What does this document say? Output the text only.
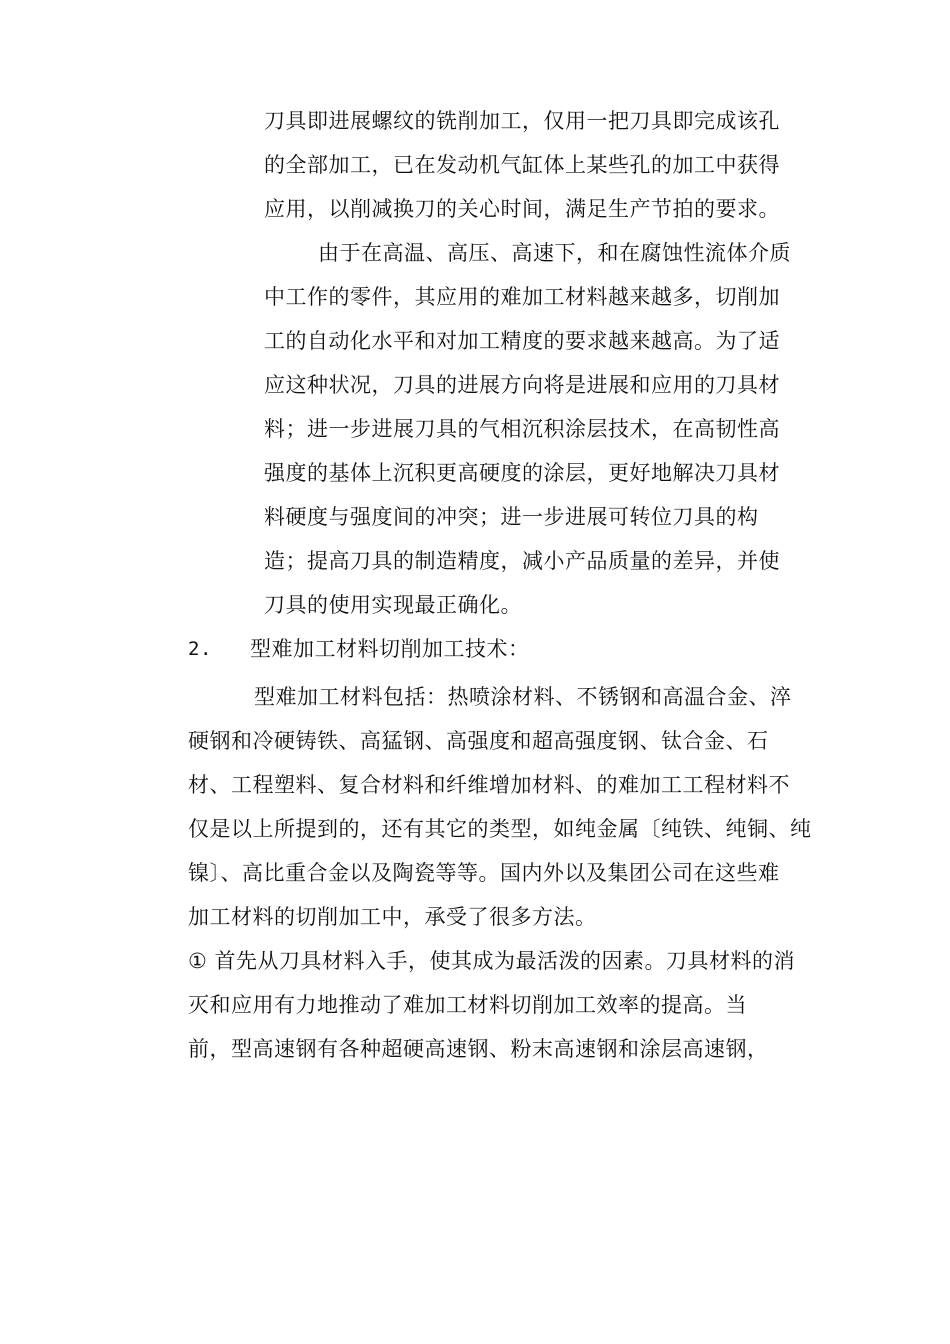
刀具即进展螺纹的铣削加工，仅用一把刀具即完成该孔
的全部加工，已在发动机气缸体上某些孔的加工中获得
应用，以削减换刀的关心时间，满足生产节拍的要求。
由于在高温、高压、高速下，和在腐蚀性流体介质
中工作的零件，其应用的难加工材料越来越多，切削加
工的自动化水平和对加工精度的要求越来越高。为了适
应这种状况，刀具的进展方向将是进展和应用的刀具材
料；进一步进展刀具的气相沉积涂层技术，在高韧性高
强度的基体上沉积更高硬度的涂层，更好地解决刀具材
料硬度与强度间的冲突；进一步进展可转位刀具的构
造；提高刀具的制造精度，减小产品质量的差异，并使
刀具的使用实现最正确化。
2. 型难加工材料切削加工技术：
型难加工材料包括：热喷涂材料、不锈钢和高温合金、淬
硬钢和冷硬铸铁、高猛钢、高强度和超高强度钢、钛合金、石
材、工程塑料、复合材料和纤维增加材料、的难加工工程材料不
仅是以上所提到的，还有其它的类型，如纯金属〔纯铁、纯铜、纯
镍〕、高比重合金以及陶瓷等等。国内外以及集团公司在这些难
加工材料的切削加工中，承受了很多方法。
① 首先从刀具材料入手，使其成为最活泼的因素。刀具材料的消
灭和应用有力地推动了难加工材料切削加工效率的提高。当
前，型高速钢有各种超硬高速钢、粉末高速钢和涂层高速钢，
